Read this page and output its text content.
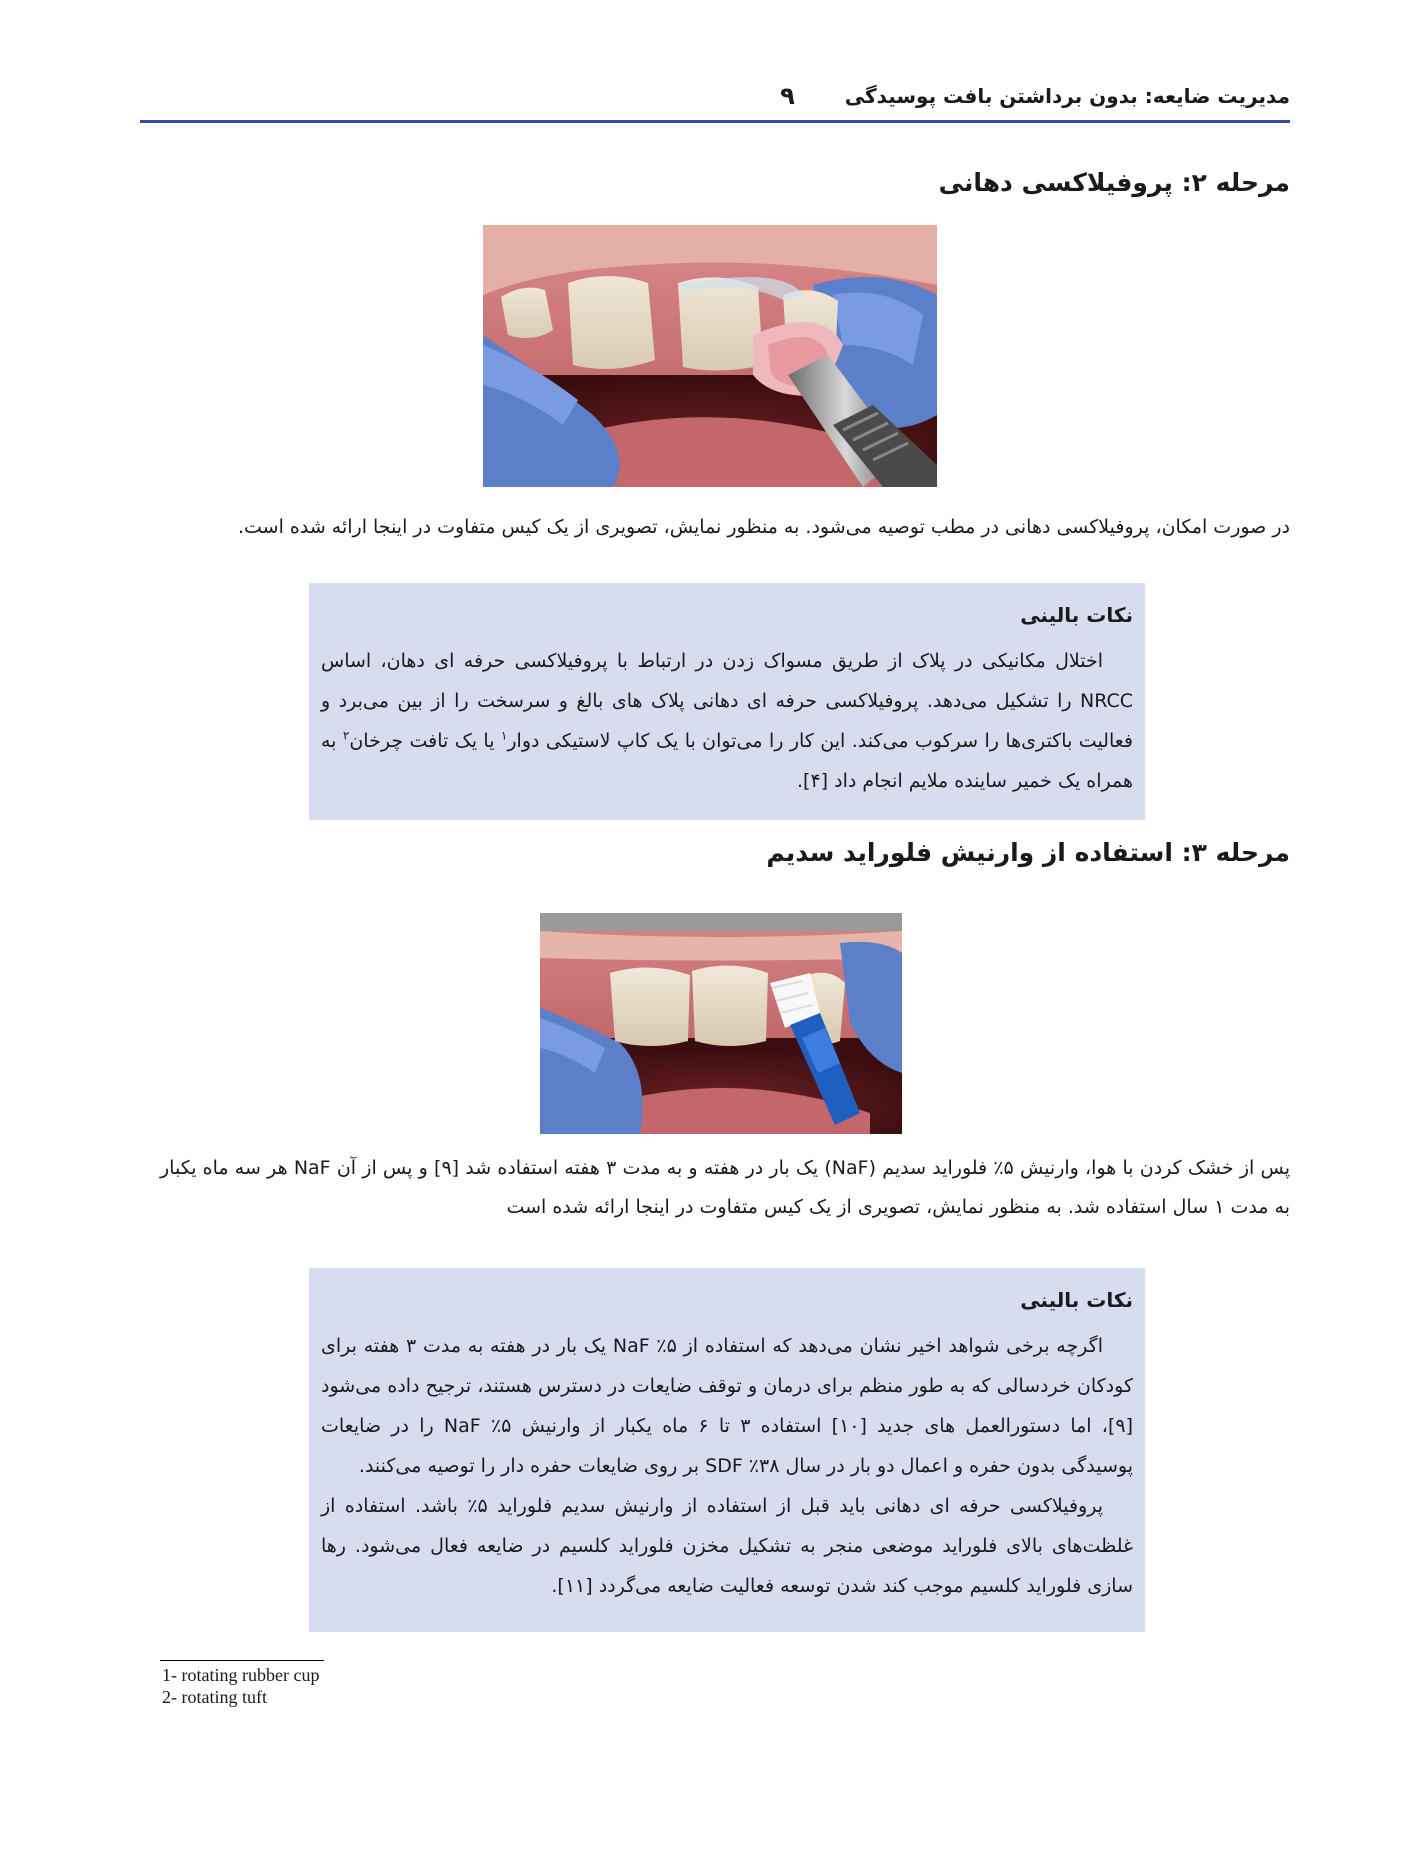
مدیریت ضایعه: بدون برداشتن بافت پوسیدگی
۹
مرحله ۲: پروفیلاکسی دهانی

در صورت امکان، پروفیلاکسی دهانی در مطب توصیه می‌شود. به منظور نمایش، تصویری از یک کیس متفاوت در اینجا ارائه شده است.

نکات بالینی

اختلال مکانیکی در پلاک از طریق مسواک زدن در ارتباط با پروفیلاکسی حرفه ای دهان، اساس NRCC را تشکیل می‌دهد. پروفیلاکسی حرفه ای دهانی پلاک های بالغ و سرسخت را از بین می‌برد و فعالیت باکتری‌ها را سرکوب می‌کند. این کار را می‌توان با یک کاپ لاستیکی دوار$^۱$ یا یک تافت چرخان$^۲$ به همراه یک خمیر ساینده ملایم انجام داد [۴].

مرحله ۳: استفاده از وارنیش فلوراید سدیم

پس از خشک کردن با هوا، وارنیش ۵٪ فلوراید سدیم (NaF) یک بار در هفته و به مدت ۳ هفته استفاده شد [۹] و پس از آن NaF هر سه ماه یکبار به مدت ۱ سال استفاده شد. به منظور نمایش، تصویری از یک کیس متفاوت در اینجا ارائه شده است

نکات بالینی

اگرچه برخی شواهد اخیر نشان می‌دهد که استفاده از ۵٪ NaF یک بار در هفته به مدت ۳ هفته برای کودکان خردسالی که به طور منظم برای درمان و توقف ضایعات در دسترس هستند، ترجیح داده می‌شود [۹]، اما دستورالعمل های جدید [۱۰] استفاده ۳ تا ۶ ماه یکبار از وارنیش ۵٪ NaF را در ضایعات پوسیدگی بدون حفره و اعمال دو بار در سال ۳۸٪ SDF بر روی ضایعات حفره دار را توصیه می‌کنند.

پروفیلاکسی حرفه ای دهانی باید قبل از استفاده از وارنیش سدیم فلوراید ۵٪ باشد. استفاده از غلظت‌های بالای فلوراید موضعی منجر به تشکیل مخزن فلوراید کلسیم در ضایعه فعال می‌شود. رها سازی فلوراید کلسیم موجب کند شدن توسعه فعالیت ضایعه می‌گردد [۱۱].

1- rotating rubber cup
2- rotating tuft
